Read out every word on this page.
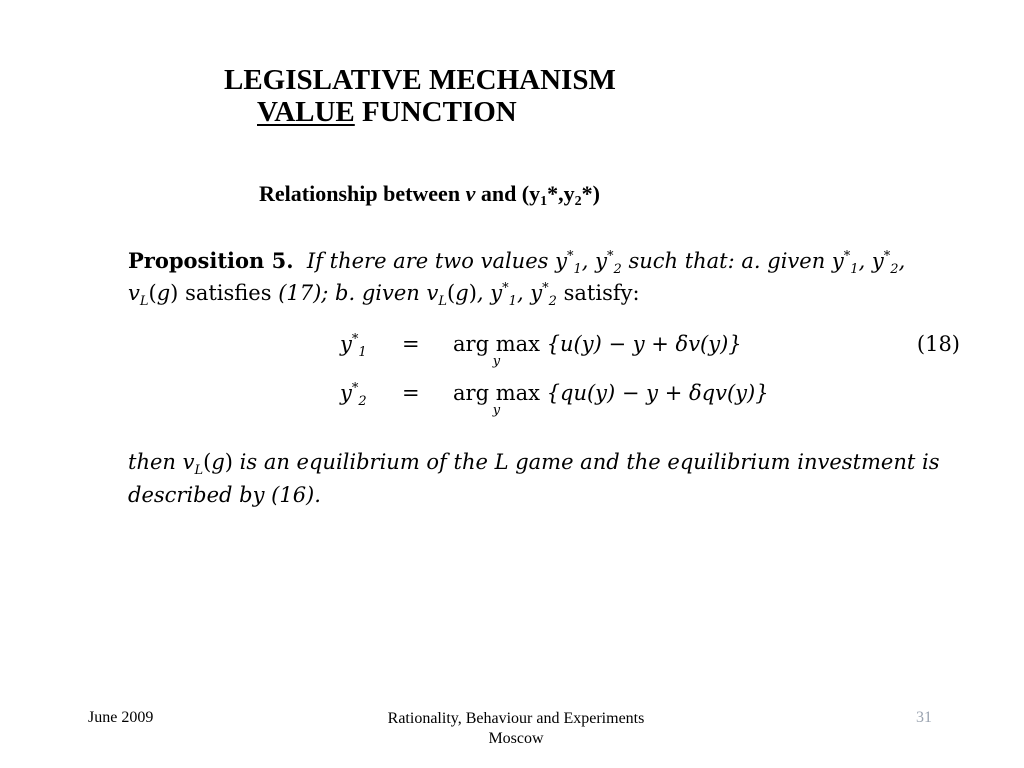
LEGISLATIVE MECHANISM
VALUE FUNCTION
Relationship between v and $(y_1*,y_2*)$
Proposition 5. If there are two values $y^*_1$, $y^*_2$ such that: a. given $y^*_1$, $y^*_2$,
$v_L(g)$ satisfies (17); b. given $v_L(g)$, $y^*_1$, $y^*_2$ satisfy:
$y^*_1$ = arg max
y
{u(y) − y + δv(y)}	(18)
$y^*_2$ = arg max
y
{qu(y) − y + δqv(y)}
then $v_L(g)$ is an equilibrium of the L game and the equilibrium investment is
described by (16).
June 2009	Rationality, Behaviour and Experiments
Moscow
31
